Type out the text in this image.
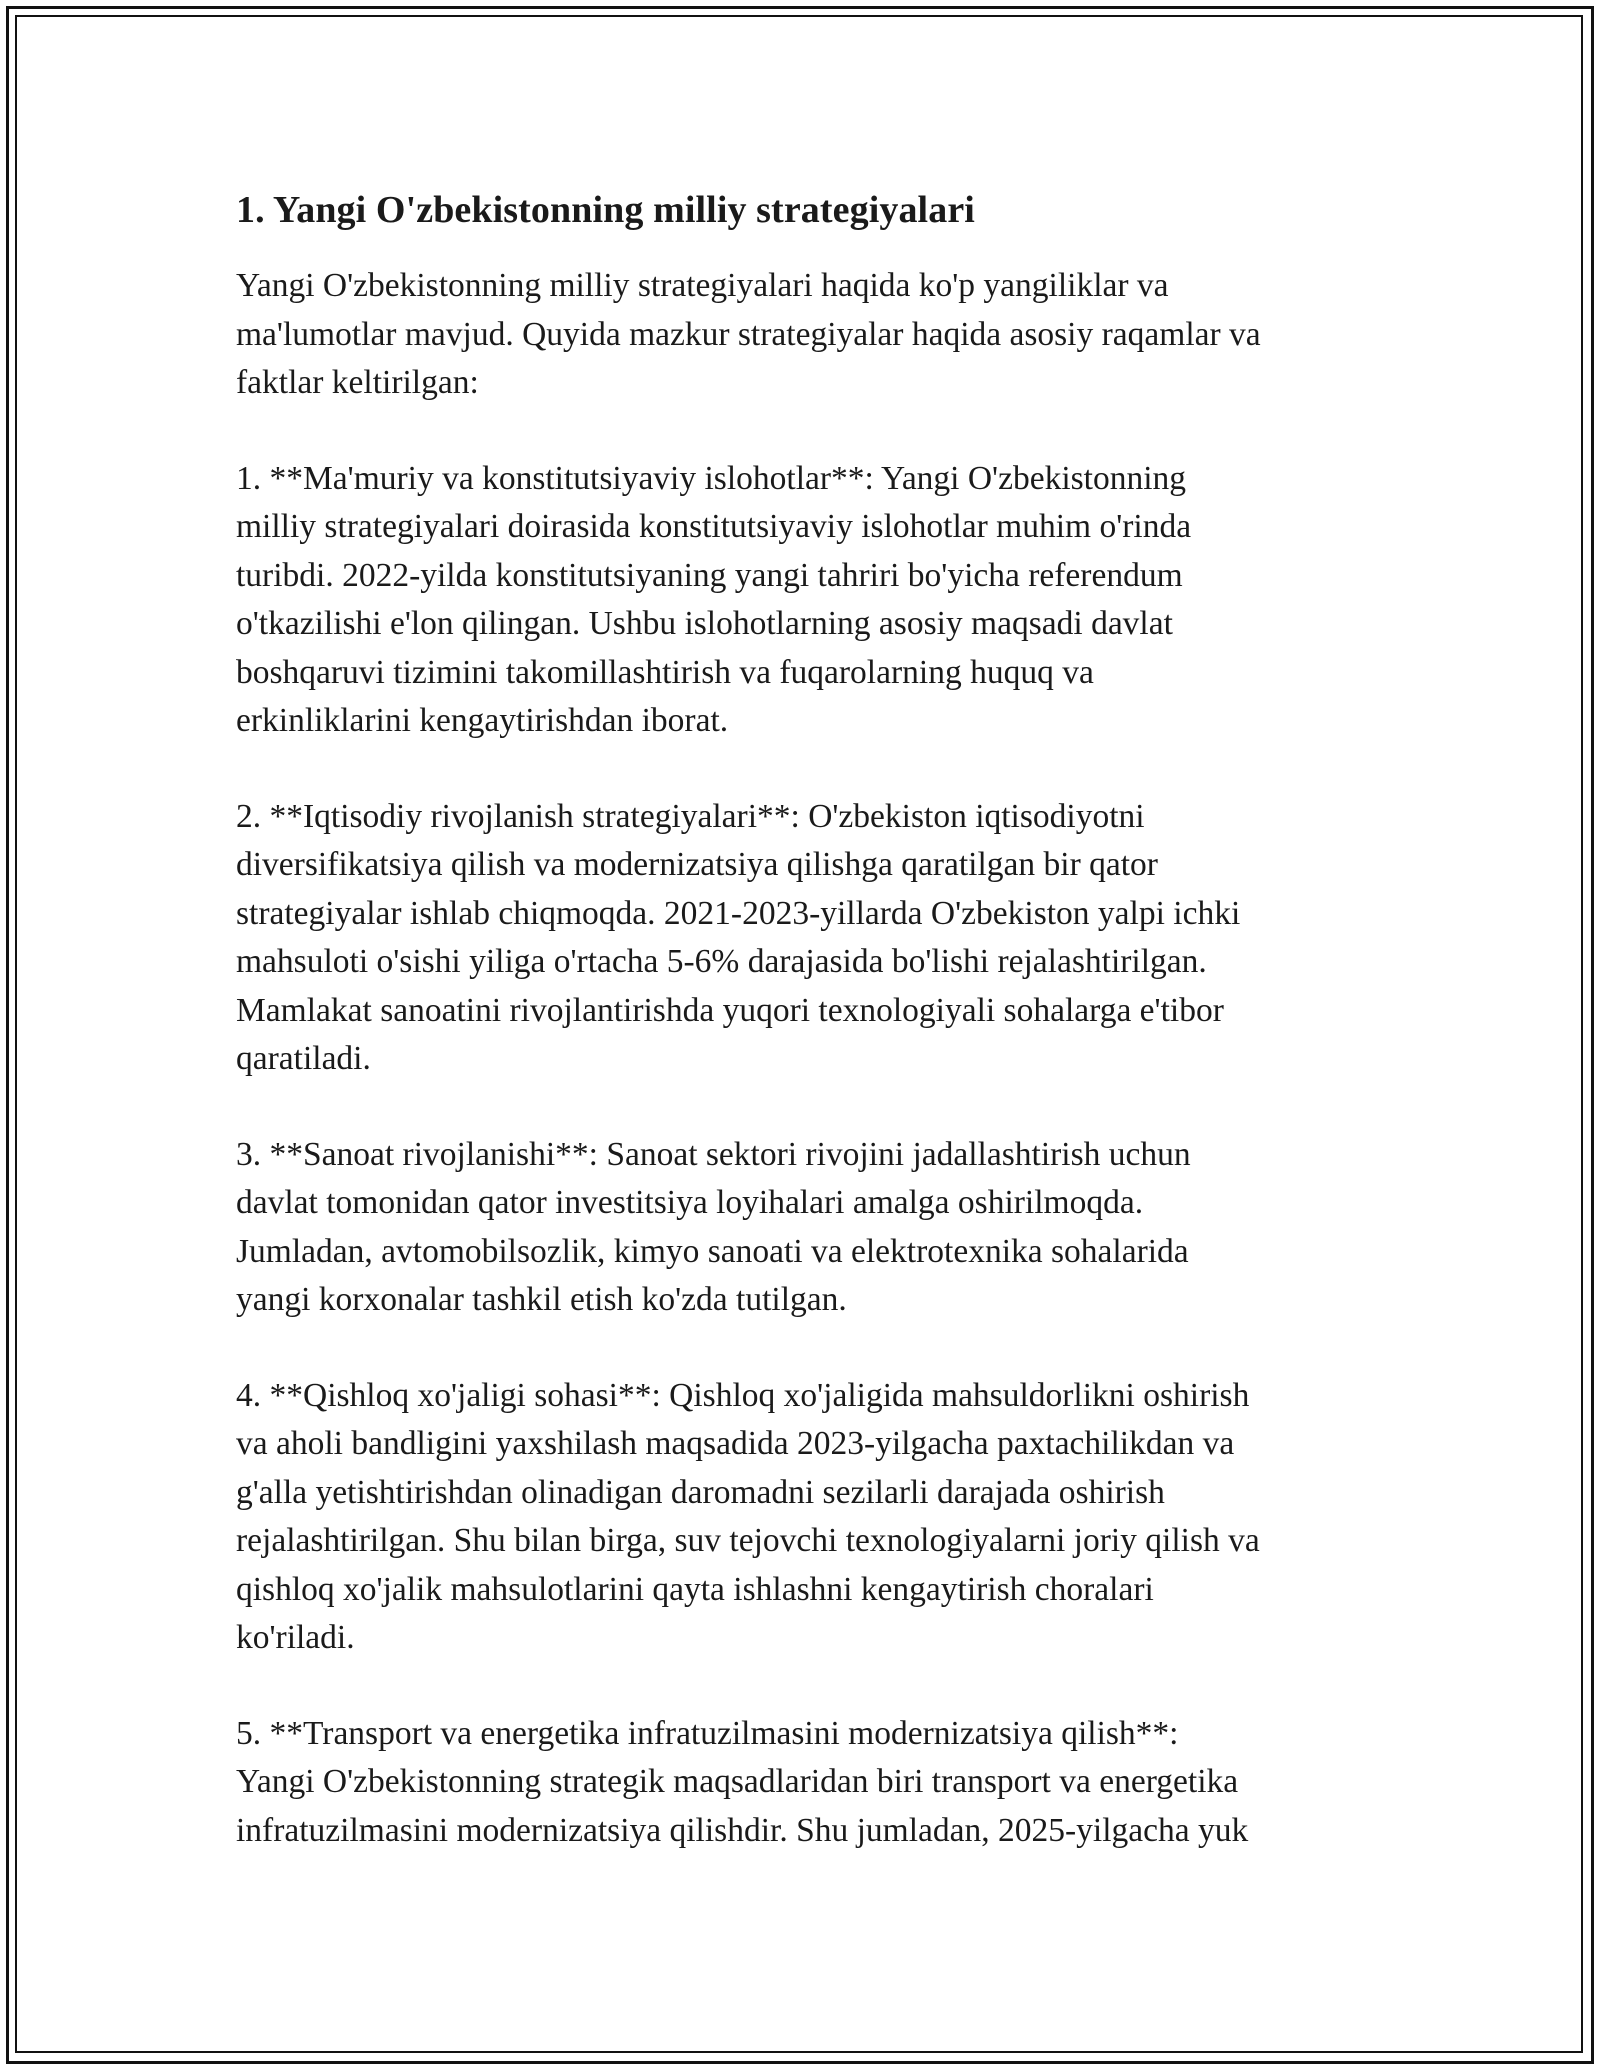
1. Yangi O'zbekistonning milliy strategiyalari

Yangi O'zbekistonning milliy strategiyalari haqida ko'p yangiliklar va
ma'lumotlar mavjud. Quyida mazkur strategiyalar haqida asosiy raqamlar va
faktlar keltirilgan:

1. **Ma'muriy va konstitutsiyaviy islohotlar**: Yangi O'zbekistonning
milliy strategiyalari doirasida konstitutsiyaviy islohotlar muhim o'rinda
turibdi. 2022-yilda konstitutsiyaning yangi tahriri bo'yicha referendum
o'tkazilishi e'lon qilingan. Ushbu islohotlarning asosiy maqsadi davlat
boshqaruvi tizimini takomillashtirish va fuqarolarning huquq va
erkinliklarini kengaytirishdan iborat.

2. **Iqtisodiy rivojlanish strategiyalari**: O'zbekiston iqtisodiyotni
diversifikatsiya qilish va modernizatsiya qilishga qaratilgan bir qator
strategiyalar ishlab chiqmoqda. 2021-2023-yillarda O'zbekiston yalpi ichki
mahsuloti o'sishi yiliga o'rtacha 5-6% darajasida bo'lishi rejalashtirilgan.
Mamlakat sanoatini rivojlantirishda yuqori texnologiyali sohalarga e'tibor
qaratiladi.

3. **Sanoat rivojlanishi**: Sanoat sektori rivojini jadallashtirish uchun
davlat tomonidan qator investitsiya loyihalari amalga oshirilmoqda.
Jumladan, avtomobilsozlik, kimyo sanoati va elektrotexnika sohalarida
yangi korxonalar tashkil etish ko'zda tutilgan.

4. **Qishloq xo'jaligi sohasi**: Qishloq xo'jaligida mahsuldorlikni oshirish
va aholi bandligini yaxshilash maqsadida 2023-yilgacha paxtachilikdan va
g'alla yetishtirishdan olinadigan daromadni sezilarli darajada oshirish
rejalashtirilgan. Shu bilan birga, suv tejovchi texnologiyalarni joriy qilish va
qishloq xo'jalik mahsulotlarini qayta ishlashni kengaytirish choralari
ko'riladi.

5. **Transport va energetika infratuzilmasini modernizatsiya qilish**:
Yangi O'zbekistonning strategik maqsadlaridan biri transport va energetika
infratuzilmasini modernizatsiya qilishdir. Shu jumladan, 2025-yilgacha yuk
